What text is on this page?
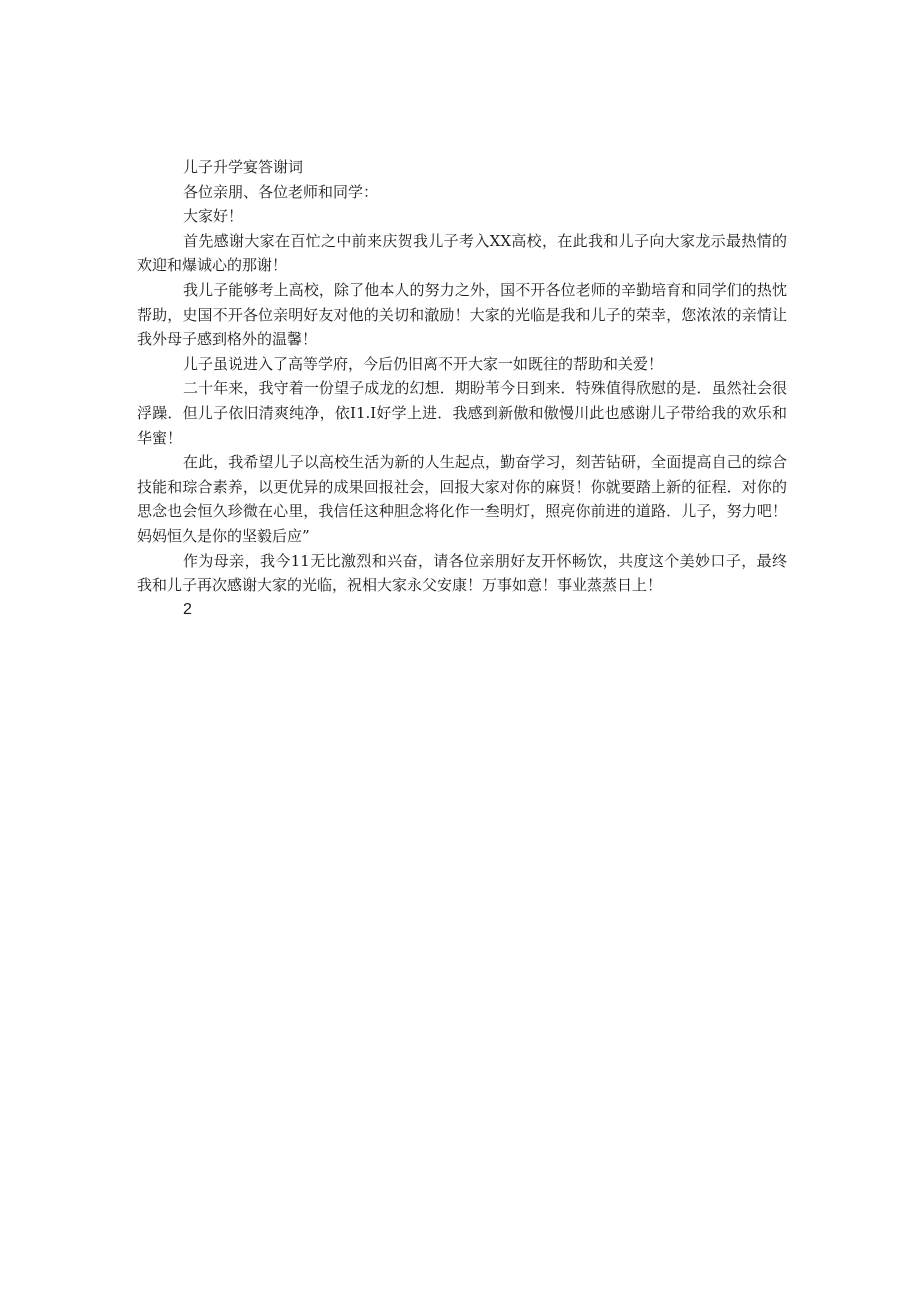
儿子升学宴答谢词

各位亲朋、各位老师和同学：

大家好！

首先感谢大家在百忙之中前来庆贺我儿子考入XX高校，在此我和儿子向大家龙示最热情的欢迎和爆诚心的那谢！

我儿子能够考上高校，除了他本人的努力之外，国不开各位老师的辛勤培育和同学们的热忱帮助，史国不开各位亲明好友对他的关切和澈励！大家的光临是我和儿子的荣幸，您浓浓的亲情让我外母子感到格外的温馨！

儿子虽说进入了高等学府，今后仍旧离不开大家一如既往的帮助和关爱！

二十年来，我守着一份望子成龙的幻想．期盼苇今日到来．特殊值得欣慰的是．虽然社会很浮躁．但儿子依旧清爽纯净，依I1.I好学上进．我感到新傲和傲慢川此也感谢儿子带给我的欢乐和华蜜！

在此，我希望儿子以高校生活为新的人生起点，勤奋学习，刻苦钻研，全面提高自己的综合技能和琮合素养，以更优异的成果回报社会，回报大家对你的麻贤！你就要踏上新的征程．对你的思念也会恒久珍微在心里，我信任这种胆念将化作一叁明灯，照亮你前进的道路．儿子，努力吧！妈妈恒久是你的坚毅后应”

作为母亲，我今11无比激烈和兴奋，请各位亲朋好友开怀畅饮，共度这个美妙口子，最终我和儿子再次感谢大家的光临，祝相大家永父安康！万事如意！事业蒸蒸日上！

2
